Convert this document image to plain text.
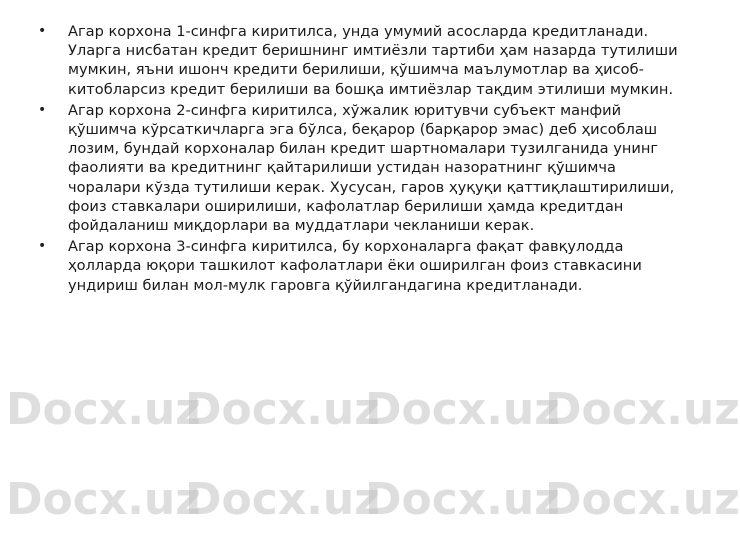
• Агар корхона 1-синфга киритилса, унда умумий асосларда кредитланади. Уларга нисбатан кредит беришнинг имтиёзли тартиби ҳам назарда тутилиши мумкин, яъни ишонч кредити берилиши, қўшимча маълумотлар ва ҳисоб-китобларсиз кредит берилиши ва бошқа имтиёзлар тақдим этилиши мумкин.
• Агар корхона 2-синфга киритилса, хўжалик юритувчи субъект манфий қўшимча кўрсаткичларга эга бўлса, беқарор (барқарор эмас) деб ҳисоблаш лозим, бундай корхоналар билан кредит шартномалари тузилганида унинг фаолияти ва кредитнинг қайтарилиши устидан назоратнинг қўшимча чоралари кўзда тутилиши керак. Хусусан, гаров ҳуқуқи қаттиқлаштирилиши, фоиз ставкалари оширилиши, кафолатлар берилиши ҳамда кредитдан фойдаланиш миқдорлари ва муддатлари чекланиши керак.
• Агар корхона 3-синфга киритилса, бу корхоналарга фақат фавқулодда ҳолларда юқори ташкилот кафолатлари ёки оширилган фоиз ставкасини ундириш билан мол-мулк гаровга қўйилгандагина кредитланади.
Docx.uz
Docx.uz
Docx.uz
Docx.uz
Docx.uz
Docx.uz
Docx.uz
Docx.uz
